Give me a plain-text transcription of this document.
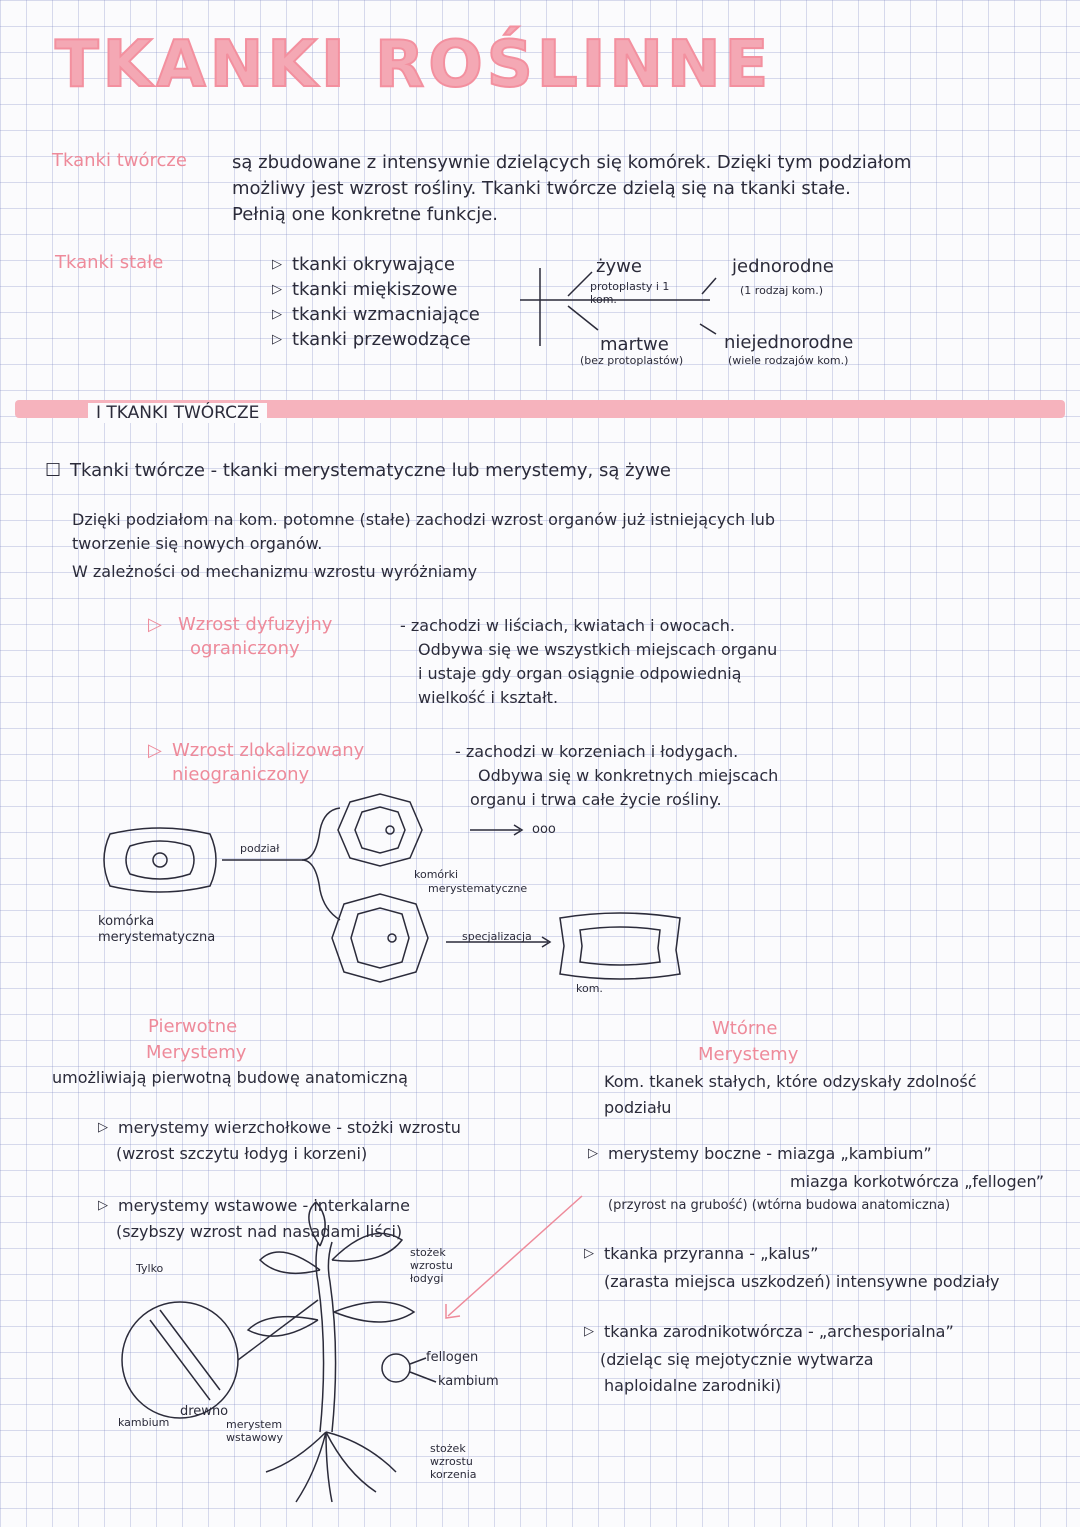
TKANKI ROŚLINNE
Tkanki twórcze	są zbudowane z intensywnie dzielących się komórek. Dzięki tym podziałom
możliwy jest wzrost rośliny. Tkanki twórcze dzielą się na tkanki stałe.
Pełnią one konkretne funkcje.
Tkanki stałe
▷	tkanki okrywające
▷ tkanki miękiszowe
▷ tkanki wzmacniające
▷ tkanki przewodzące
żywe
protoplasty i 1 kom.
martwe
(bez protoplastów)
jednorodne
(1 rodzaj kom.)
niejednorodne
(wiele rodzajów kom.)
I TKANKI TWÓRCZE
☐ Tkanki twórcze - tkanki merystematyczne lub merystemy, są żywe
Dzięki podziałom na kom. potomne (stałe) zachodzi wzrost organów już istniejących lub
tworzenie się nowych organów.
W zależności od mechanizmu wzrostu wyróżniamy
▷ Wzrost dyfuzyjny
ograniczony
- zachodzi w liściach, kwiatach i owocach.
Odbywa się we wszystkich miejscach organu
i ustaje gdy organ osiągnie odpowiednią
wielkość i kształt.
▷ Wzrost zlokalizowany
nieograniczony
- zachodzi w korzeniach i łodygach.
Odbywa się w konkretnych miejscach
organu i trwa całe życie rośliny.
podział
komórka
merystematyczna
komórki
merystematyczne
specjalizacja
kom.
ooo
Pierwotne
Merystemy
umożliwiają pierwotną budowę anatomiczną
▷ merystemy wierzchołkowe - stożki wzrostu
(wzrost szczytu łodyg i korzeni)
▷ merystemy wstawowe - interkalarne
(szybszy wzrost nad nasadami liści)
Wtórne
Merystemy
Kom. tkanek stałych, które odzyskały zdolność
podziału
▷ merystemy boczne - miazga „kambium”
miazga korkotwórcza „fellogen”
(przyrost na grubość) (wtórna budowa anatomiczna)
▷ tkanka przyranna - „kalus”
(zarasta miejsca uszkodzeń) intensywne podziały
▷ tkanka zarodnikotwórcza - „archesporialna”
(dzieląc się mejotycznie wytwarza
haploidalne zarodniki)
Tylko
stożek wzrostu łodygi
fellogen
kambium
drewno
kambium	merystem wstawowy
stożek wzrostu korzenia
